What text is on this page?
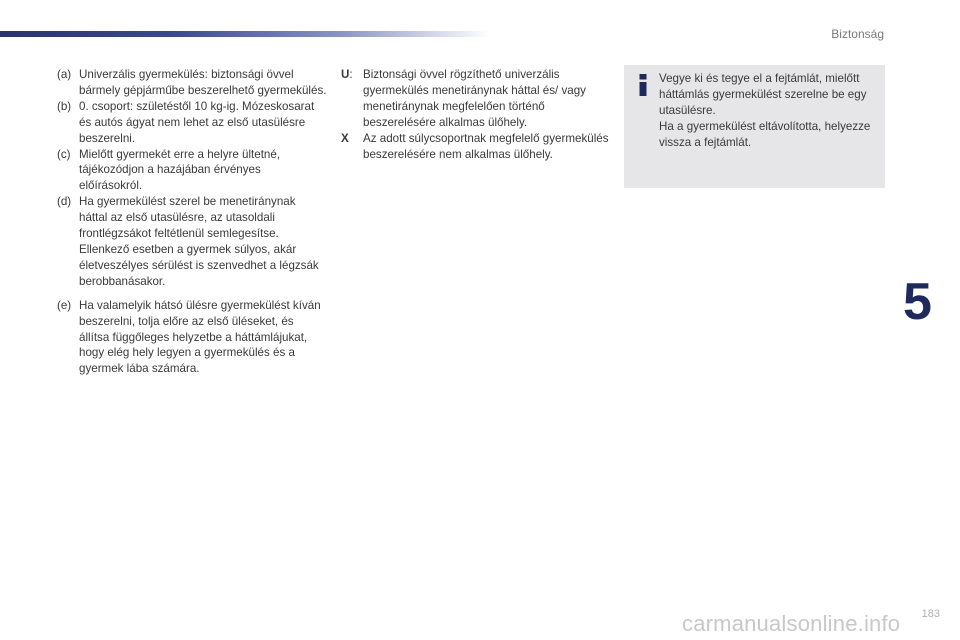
Biztonság
(a) Univerzális gyermekülés: biztonsági övvel bármely gépjárműbe beszerelhető gyermekülés.
(b) 0. csoport: születéstől 10 kg-ig. Mózeskosarat és autós ágyat nem lehet az első utasülésre beszerelni.
(c) Mielőtt gyermekét erre a helyre ültetné, tájékozódjon a hazájában érvényes előírásokról.
(d) Ha gyermekülést szerel be menetiránynak háttal az első utasülésre, az utasoldali frontlégzsákot feltétlenül semlegesítse. Ellenkező esetben a gyermek súlyos, akár életveszélyes sérülést is szenvedhet a légzsák berobbanásakor.
(e) Ha valamelyik hátsó ülésre gyermekülést kíván beszerelni, tolja előre az első üléseket, és állítsa függőleges helyzetbe a háttámlájukat, hogy elég hely legyen a gyermekülés és a gyermek lába számára.
U: Biztonsági övvel rögzíthető univerzális gyermekülés menetiránynak háttal és/ vagy menetiránynak megfelelően történő beszerelésére alkalmas ülőhely.
X	Az adott súlycsoportnak megfelelő gyermekülés beszerelésére nem alkalmas ülőhely.

Vegye ki és tegye el a fejtámlát, mielőtt háttámlás gyermekülést szerelne be egy utasülésre.

Ha a gyermekülést eltávolította, helyezze vissza a fejtámlát.

5
carmanualsonline.info 183
